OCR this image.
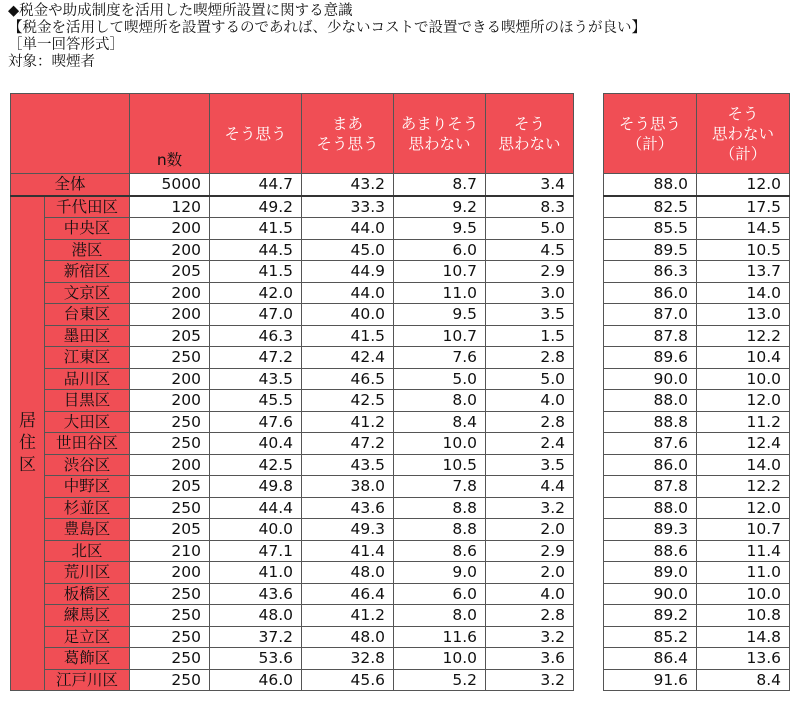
◆税金や助成制度を活用した喫煙所設置に関する意識
【税金を活用して喫煙所を設置するのであれば、少ないコストで設置できる喫煙所のほうが良い】
［単一回答形式］
対象：喫煙者
		n数	そう思う	まあ
そう思う	あまりそう
思わない	そう
思わない		そう思う
（計）	そう
思わない
（計）
全体		5000	44.7	43.2	8.7	3.4		88.0	12.0

居
住
区	千代田区	120	49.2	33.3	9.2	8.3		82.5	17.5
	中央区	200	41.5	44.0	9.5	5.0		85.5	14.5
	港区	200	44.5	45.0	6.0	4.5		89.5	10.5
	新宿区	205	41.5	44.9	10.7	2.9		86.3	13.7
	文京区	200	42.0	44.0	11.0	3.0		86.0	14.0
	台東区	200	47.0	40.0	9.5	3.5		87.0	13.0
	墨田区	205	46.3	41.5	10.7	1.5		87.8	12.2
	江東区	250	47.2	42.4	7.6	2.8		89.6	10.4
	品川区	200	43.5	46.5	5.0	5.0		90.0	10.0
	目黒区	200	45.5	42.5	8.0	4.0		88.0	12.0
	大田区	250	47.6	41.2	8.4	2.8		88.8	11.2
	世田谷区	250	40.4	47.2	10.0	2.4		87.6	12.4
	渋谷区	200	42.5	43.5	10.5	3.5		86.0	14.0
	中野区	205	49.8	38.0	7.8	4.4		87.8	12.2
	杉並区	250	44.4	43.6	8.8	3.2		88.0	12.0
	豊島区	205	40.0	49.3	8.8	2.0		89.3	10.7
	北区	210	47.1	41.4	8.6	2.9		88.6	11.4
	荒川区	200	41.0	48.0	9.0	2.0		89.0	11.0
	板橋区	250	43.6	46.4	6.0	4.0		90.0	10.0
	練馬区	250	48.0	41.2	8.0	2.8		89.2	10.8
	足立区	250	37.2	48.0	11.6	3.2		85.2	14.8
	葛飾区	250	53.6	32.8	10.0	3.6		86.4	13.6
	江戸川区	250	46.0	45.6	5.2	3.2		91.6	8.4
